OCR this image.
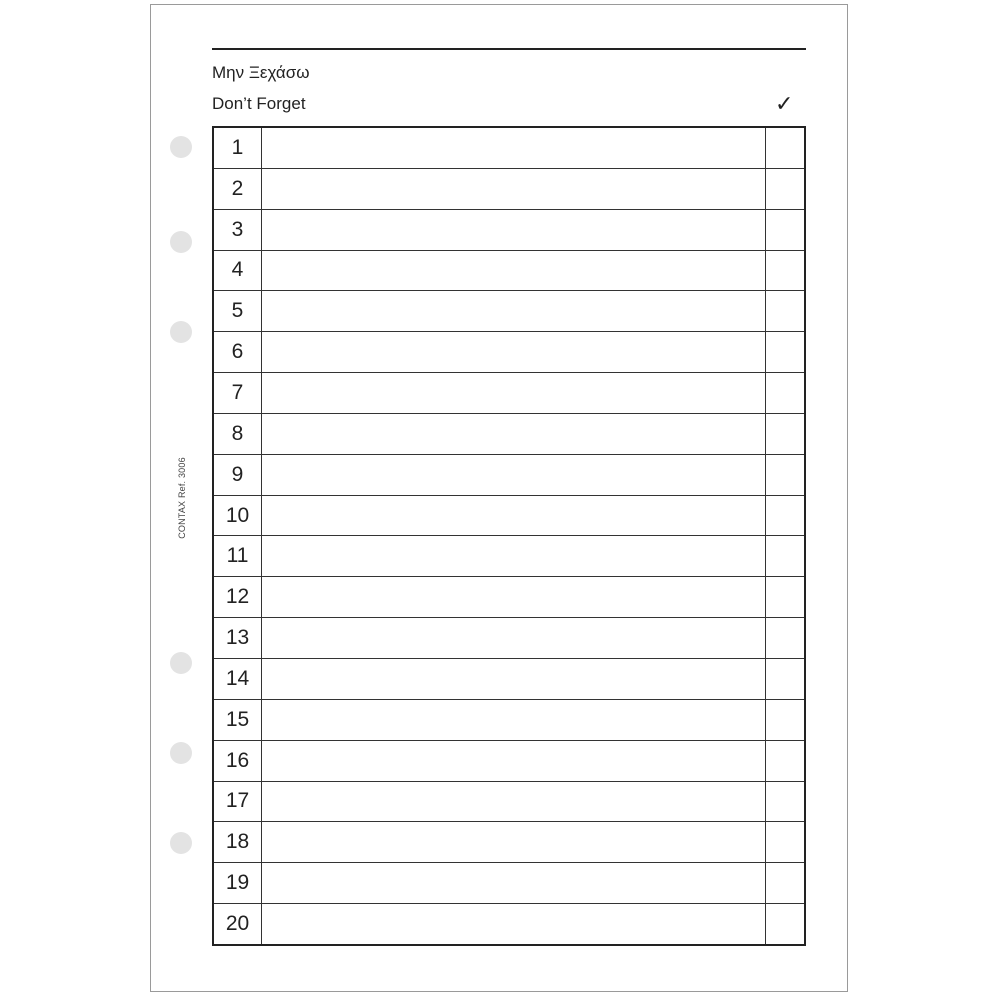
Μην Ξεχάσω
Don’t Forget	✓
CONTAX Ref. 3006
1
2
3
4
5
6
7
8
9
10
11
12
13
14
15
16
17
18
19
20
